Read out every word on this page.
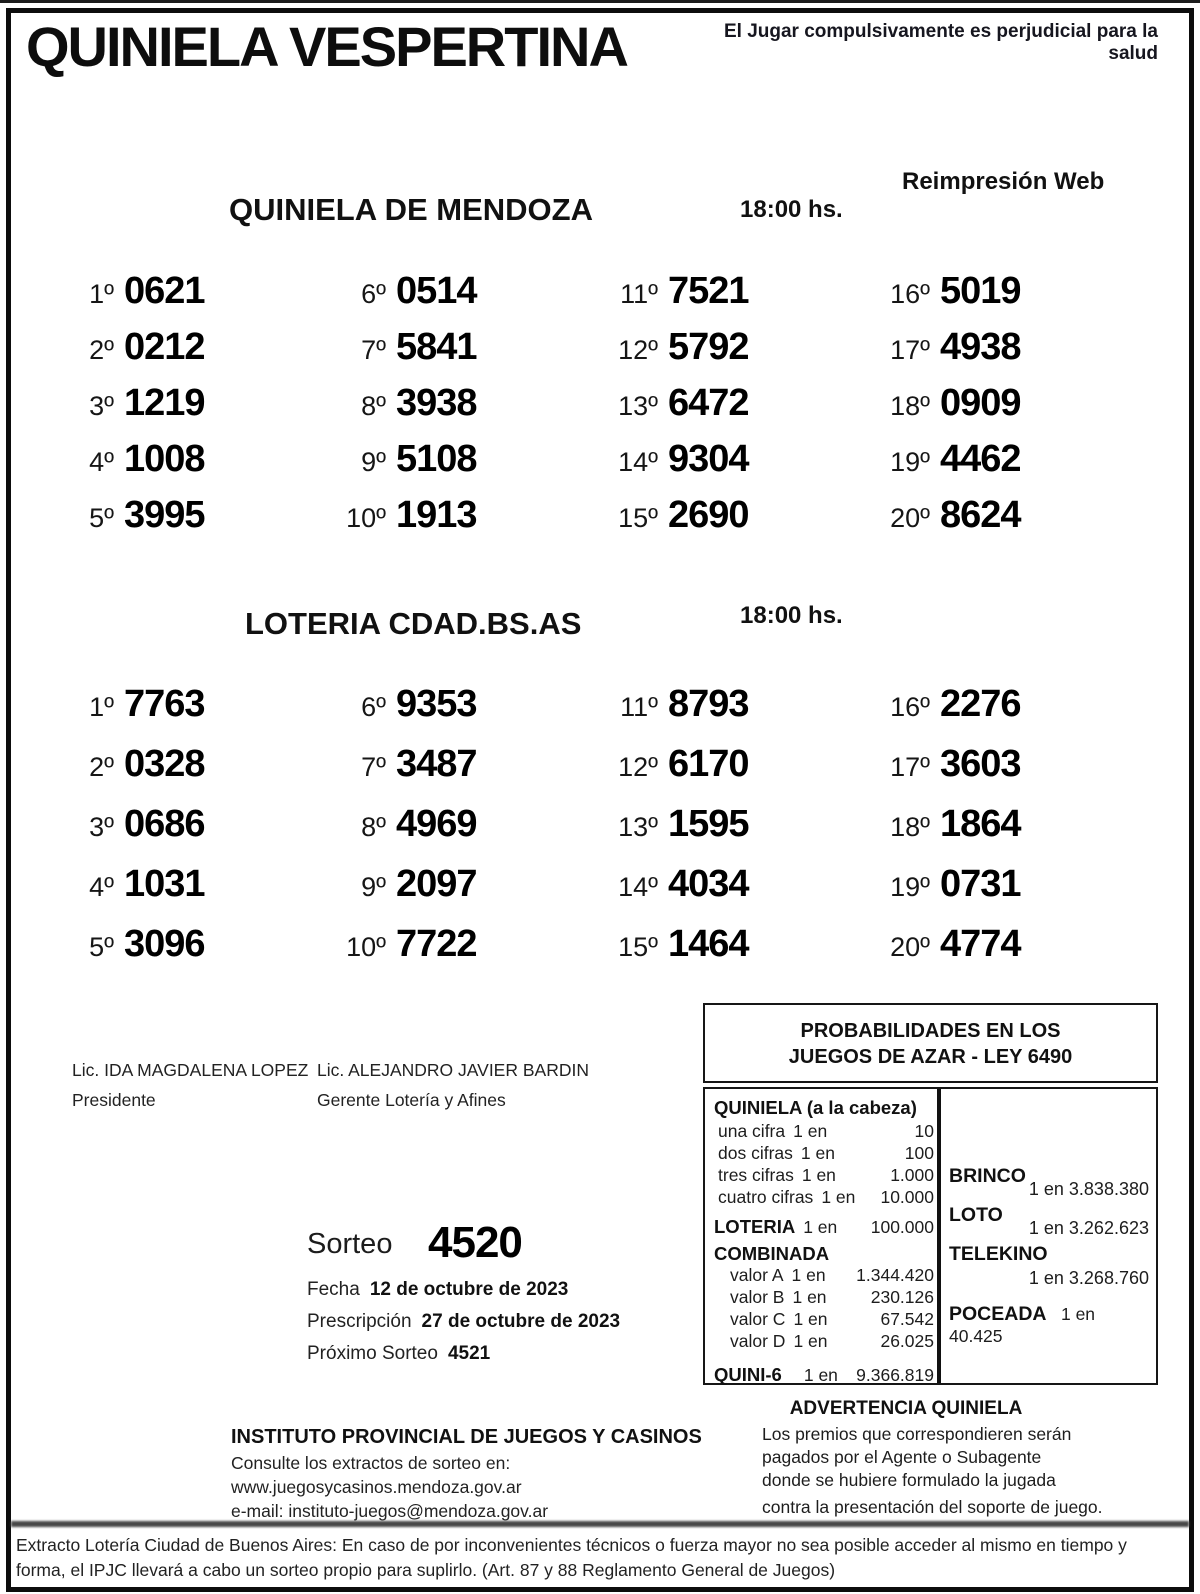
QUINIELA VESPERTINA	El Jugar compulsivamente es perjudicial para la salud
QUINIELA DE MENDOZA	18:00 hs.
Reimpresión Web
1º 0621
2º 0212
3º 1219
4º 1008
5º 3995
6º 0514
7º 5841
8º 3938
9º 5108
10º 1913
11º 7521
12º 5792
13º 6472
14º 9304
15º 2690
16º 5019
17º 4938
18º 0909
19º 4462
20º 8624
LOTERIA CDAD.BS.AS	18:00 hs.
1º 7763
2º 0328
3º 0686
4º 1031
5º 3096
6º 9353
7º 3487
8º 4969
9º 2097
10º 7722
11º 8793
12º 6170
13º 1595
14º 4034
15º 1464
16º 2276
17º 3603
18º 1864
19º 0731
20º 4774
Lic. IDA MAGDALENA LOPEZ
Presidente
Lic. ALEJANDRO JAVIER BARDIN
Gerente Lotería y Afines
Sorteo 4520
Fecha 12 de octubre de 2023
Prescripción 27 de octubre de 2023
Próximo Sorteo 4521
PROBABILIDADES EN LOS
JUEGOS DE AZAR - LEY 6490
QUINIELA (a la cabeza)
una cifra 1 en	10
dos cifras 1 en	100
tres cifras 1 en	1.000
cuatro cifras 1 en 10.000
LOTERIA 1 en 100.000
COMBINADA
valor A 1 en 1.344.420
valor B 1 en	230.126
valor C 1 en	67.542
valor D 1 en	26.025
QUINI-6 1 en 9.366.819
BRINCO
1 en 3.838.380
LOTO
1 en 3.262.623
TELEKINO
1 en 3.268.760
POCEADA 1 en 40.425
ADVERTENCIA QUINIELA
Los premios que correspondieren serán
pagados por el Agente o Subagente
donde se hubiere formulado la jugada
contra la presentación del soporte de juego.
INSTITUTO PROVINCIAL DE JUEGOS Y CASINOS
Consulte los extractos de sorteo en:
www.juegosycasinos.mendoza.gov.ar
e-mail: instituto-juegos@mendoza.gov.ar
Extracto Lotería Ciudad de Buenos Aires: En caso de por inconvenientes técnicos o fuerza mayor no sea posible acceder al mismo en tiempo y
forma, el IPJC llevará a cabo un sorteo propio para suplirlo. (Art. 87 y 88 Reglamento General de Juegos)
